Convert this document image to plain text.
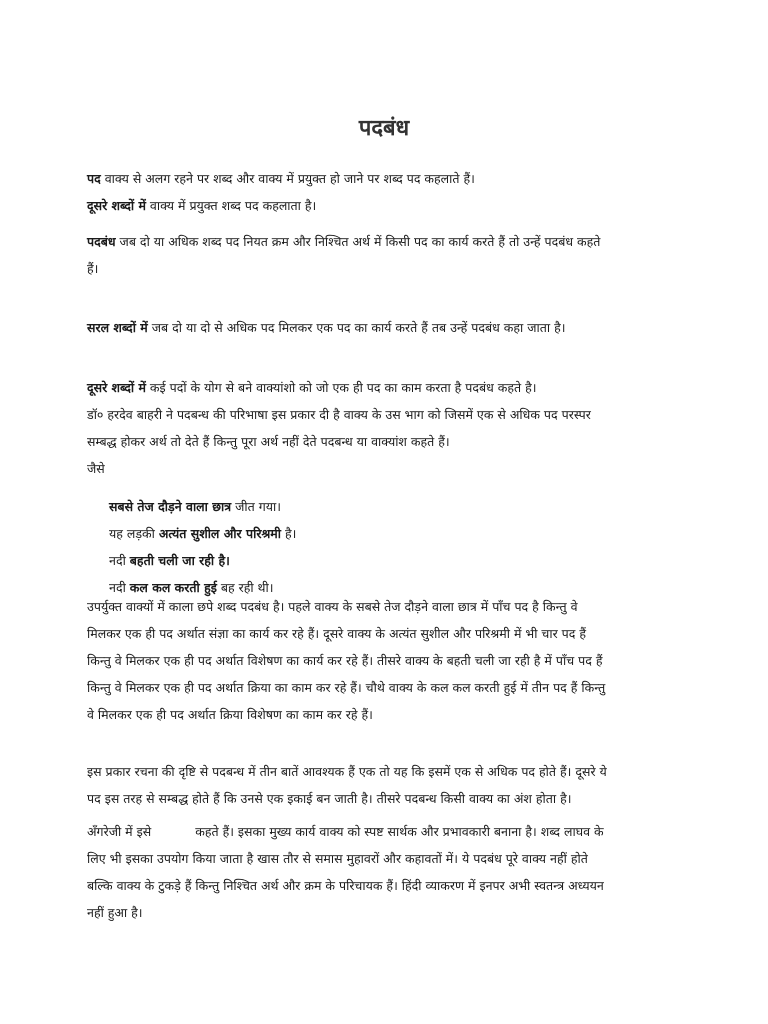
पदबंध
पद वाक्य से अलग रहने पर शब्द और वाक्य में प्रयुक्त हो जाने पर शब्द पद कहलाते हैं।
दूसरे शब्दों में वाक्य में प्रयुक्त शब्द पद कहलाता है।
पदबंध जब दो या अधिक शब्द पद नियत क्रम और निश्चित अर्थ में किसी पद का कार्य करते हैं तो उन्हें पदबंध कहते
हैं।
सरल शब्दों में जब दो या दो से अधिक पद मिलकर एक पद का कार्य करते हैं तब उन्हें पदबंध कहा जाता है।
दूसरे शब्दों में कई पदों के योग से बने वाक्यांशो को जो एक ही पद का काम करता है पदबंध कहते है।
डॉ० हरदेव बाहरी ने पदबन्ध की परिभाषा इस प्रकार दी है वाक्य के उस भाग को जिसमें एक से अधिक पद परस्पर
सम्बद्ध होकर अर्थ तो देते हैं किन्तु पूरा अर्थ नहीं देते पदबन्ध या वाक्यांश कहते हैं।
जैसे
सबसे तेज दौड़ने वाला छात्र जीत गया।
यह लड़की अत्यंत सुशील और परिश्रमी है।
नदी बहती चली जा रही है।
नदी कल कल करती हुई बह रही थी।
उपर्युक्त वाक्यों में काला छपे शब्द पदबंध है। पहले वाक्य के सबसे तेज दौड़ने वाला छात्र में पाँच पद है किन्तु वे
मिलकर एक ही पद अर्थात संज्ञा का कार्य कर रहे हैं। दूसरे वाक्य के अत्यंत सुशील और परिश्रमी में भी चार पद हैं
किन्तु वे मिलकर एक ही पद अर्थात विशेषण का कार्य कर रहे हैं। तीसरे वाक्य के बहती चली जा रही है में पाँच पद हैं
किन्तु वे मिलकर एक ही पद अर्थात क्रिया का काम कर रहे हैं। चौथे वाक्य के कल कल करती हुई में तीन पद हैं किन्तु
वे मिलकर एक ही पद अर्थात क्रिया विशेषण का काम कर रहे हैं।
इस प्रकार रचना की दृष्टि से पदबन्ध में तीन बातें आवश्यक हैं एक तो यह कि इसमें एक से अधिक पद होते हैं। दूसरे ये
पद इस तरह से सम्बद्ध होते हैं कि उनसे एक इकाई बन जाती है। तीसरे पदबन्ध किसी वाक्य का अंश होता है।
अँगरेजी में इसे	कहते हैं। इसका मुख्य कार्य वाक्य को स्पष्ट सार्थक और प्रभावकारी बनाना है। शब्द लाघव के
लिए भी इसका उपयोग किया जाता है खास तौर से समास मुहावरों और कहावतों में। ये पदबंध पूरे वाक्य नहीं होते
बल्कि वाक्य के टुकड़े हैं किन्तु निश्चित अर्थ और क्रम के परिचायक हैं। हिंदी व्याकरण में इनपर अभी स्वतन्त्र अध्ययन
नहीं हुआ है।
